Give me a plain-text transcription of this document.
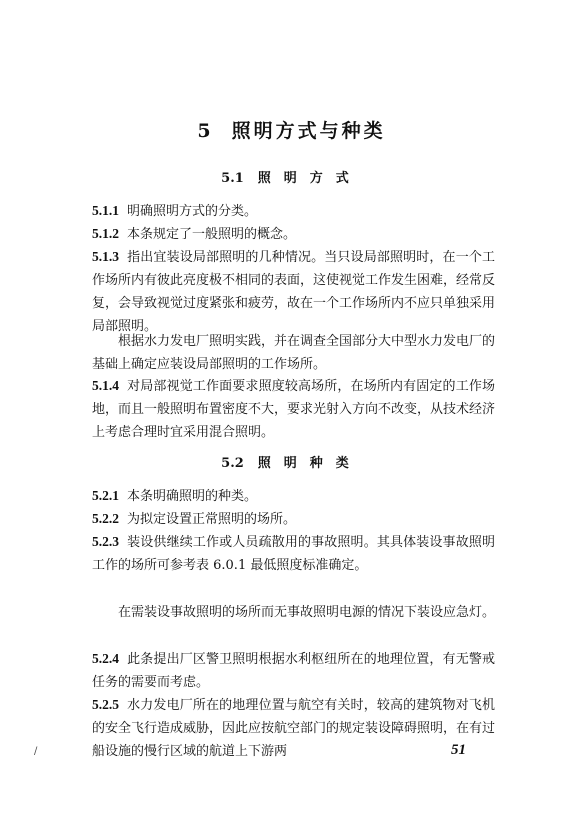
5 照明方式与种类
5.1 照明方式
5.1.1 明确照明方式的分类。
5.1.2 本条规定了一般照明的概念。
5.1.3 指出宜装设局部照明的几种情况。当只设局部照明时，在一个工作场所内有彼此亮度极不相同的表面，这使视觉工作发生困难，经常反复，会导致视觉过度紧张和疲劳，故在一个工作场所内不应只单独采用局部照明。
根据水力发电厂照明实践，并在调查全国部分大中型水力发电厂的基础上确定应装设局部照明的工作场所。
5.1.4 对局部视觉工作面要求照度较高场所，在场所内有固定的工作场地，而且一般照明布置密度不大，要求光射入方向不改变，从技术经济上考虑合理时宜采用混合照明。
5.2 照明种类
5.2.1 本条明确照明的种类。
5.2.2 为拟定设置正常照明的场所。
5.2.3 装设供继续工作或人员疏散用的事故照明。其具体装设事故照明工作的场所可参考表 6.0.1 最低照度标准确定。
在需装设事故照明的场所而无事故照明电源的情况下装设应急灯。
5.2.4 此条提出厂区警卫照明根据水利枢纽所在的地理位置，有无警戒任务的需要而考虑。
5.2.5 水力发电厂所在的地理位置与航空有关时，较高的建筑物对飞机的安全飞行造成威胁，因此应按航空部门的规定装设障碍照明，在有过船设施的慢行区域的航道上下游两
/	51
